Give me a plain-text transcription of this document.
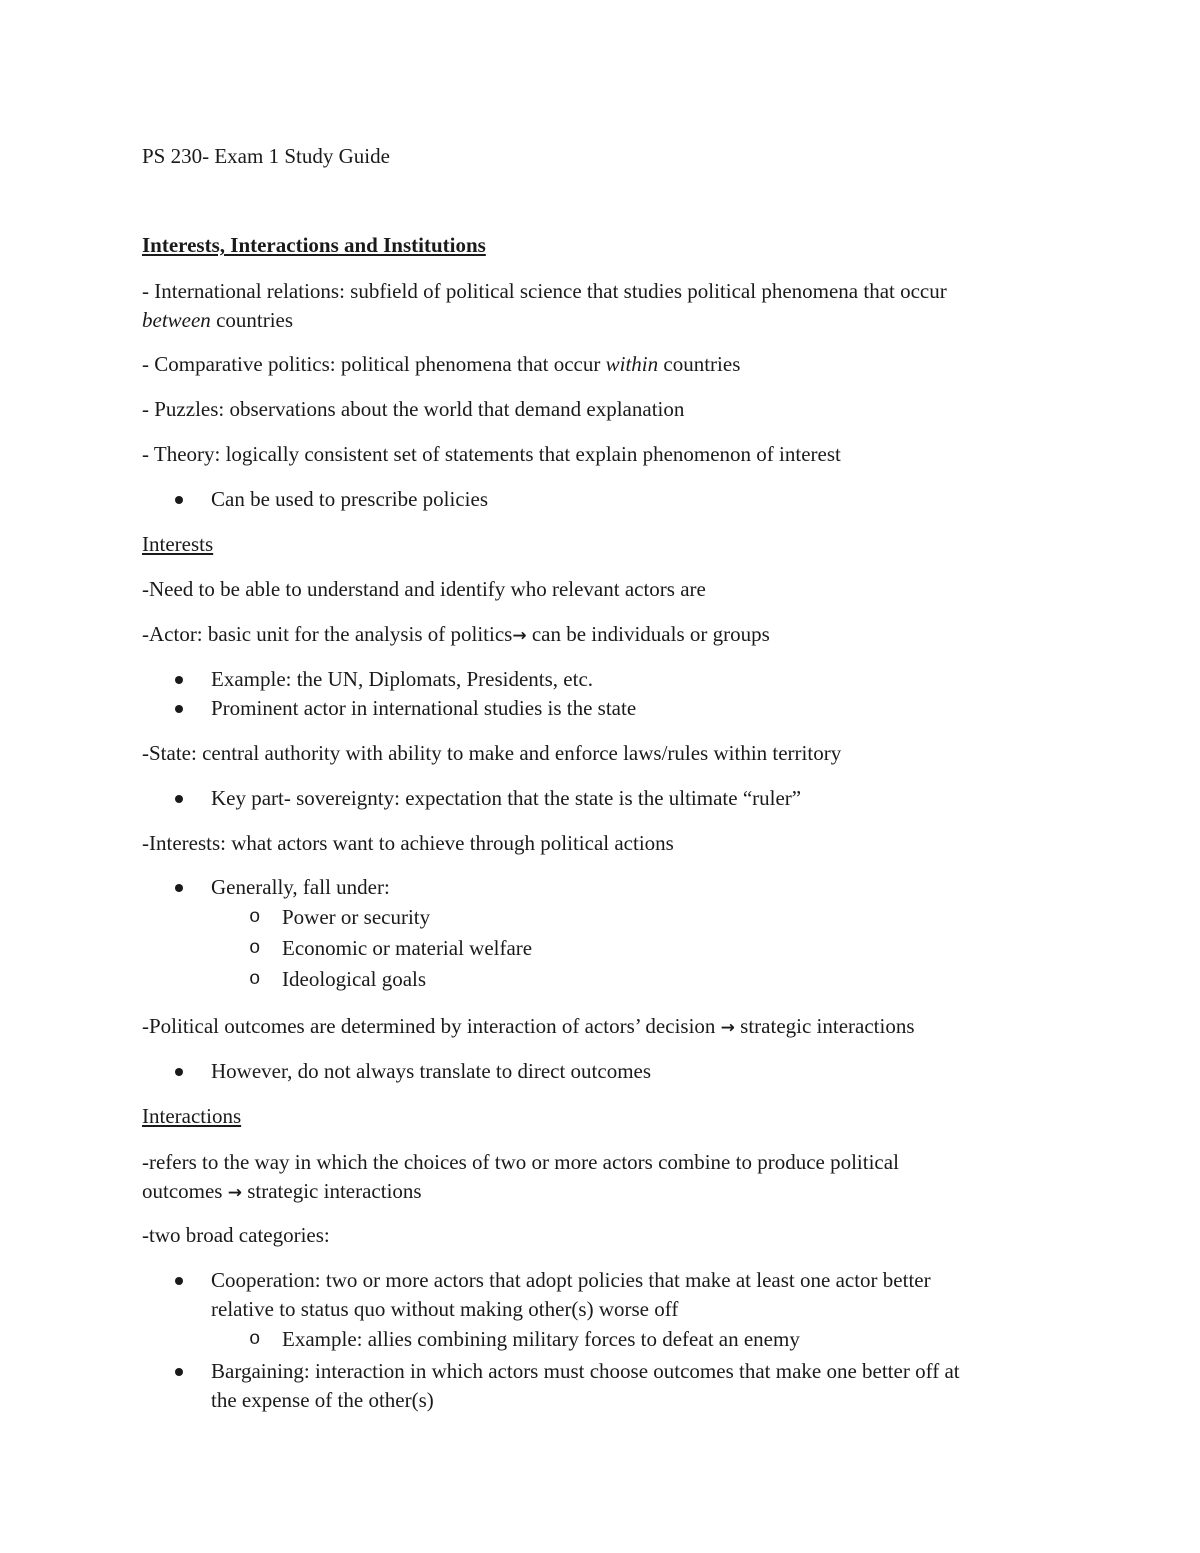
PS 230- Exam 1 Study Guide

Interests, Interactions and Institutions

- International relations: subfield of political science that studies political phenomena that occur
between countries

- Comparative politics: political phenomena that occur within countries

- Puzzles: observations about the world that demand explanation

- Theory: logically consistent set of statements that explain phenomenon of interest

Can be used to prescribe policies

Interests

-Need to be able to understand and identify who relevant actors are

-Actor: basic unit for the analysis of politics→ can be individuals or groups

Example: the UN, Diplomats, Presidents, etc.

Prominent actor in international studies is the state

-State: central authority with ability to make and enforce laws/rules within territory

Key part- sovereignty: expectation that the state is the ultimate “ruler”

-Interests: what actors want to achieve through political actions

Generally, fall under:

o Power or security

o Economic or material welfare

o Ideological goals

-Political outcomes are determined by interaction of actors’ decision → strategic interactions

However, do not always translate to direct outcomes

Interactions

-refers to the way in which the choices of two or more actors combine to produce political
outcomes → strategic interactions

-two broad categories:

Cooperation: two or more actors that adopt policies that make at least one actor better
relative to status quo without making other(s) worse off

o Example: allies combining military forces to defeat an enemy

Bargaining: interaction in which actors must choose outcomes that make one better off at
the expense of the other(s)
